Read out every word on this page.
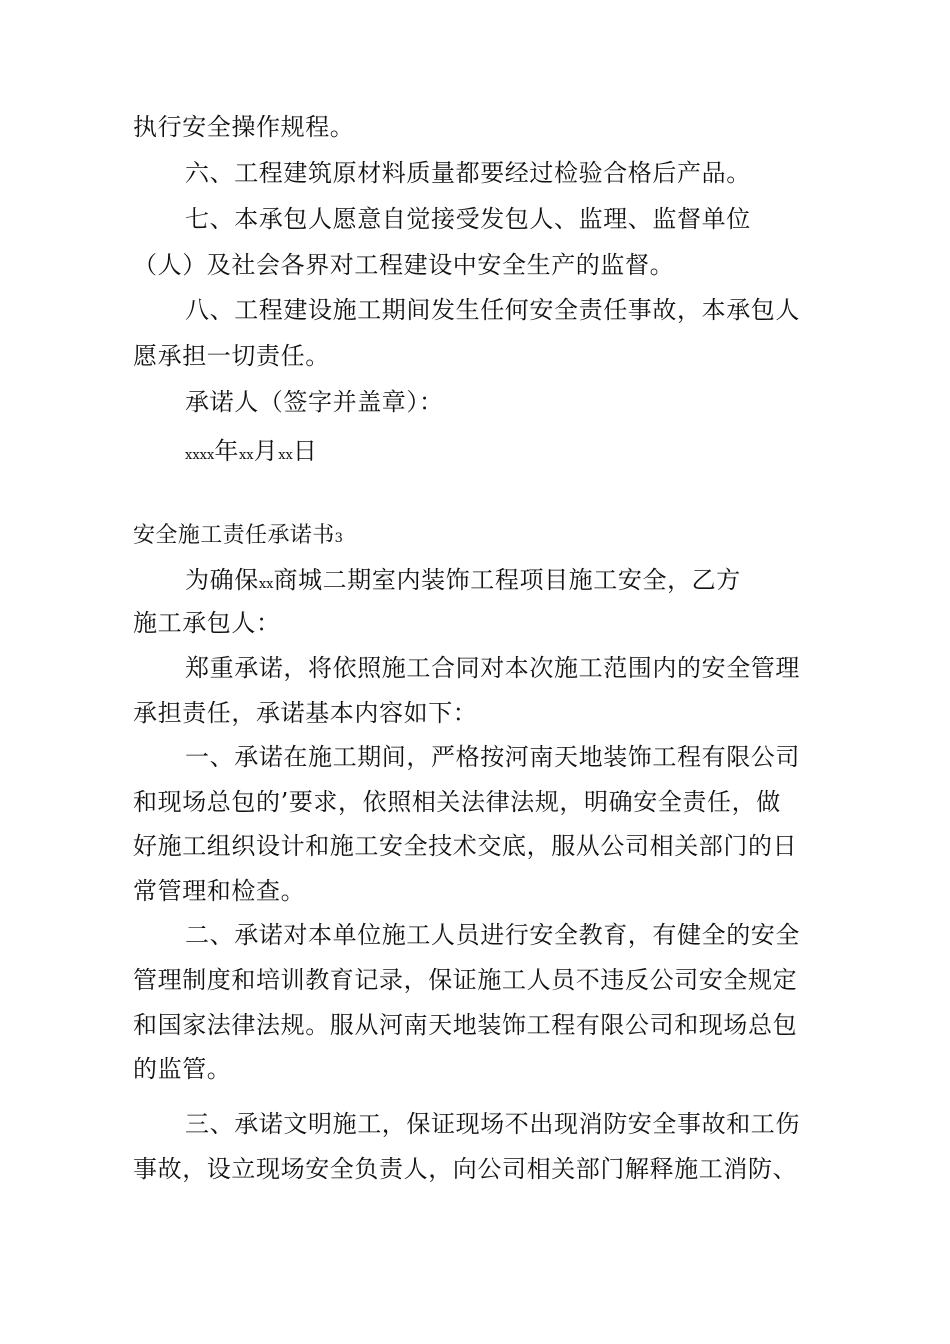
执行安全操作规程。
六、工程建筑原材料质量都要经过检验合格后产品。
七、本承包人愿意自觉接受发包人、监理、监督单位
（人）及社会各界对工程建设中安全生产的监督。
八、工程建设施工期间发生任何安全责任事故，本承包人
愿承担一切责任。
承诺人（签字并盖章）：
xxxx年xx月xx日
安全施工责任承诺书3
为确保xx商城二期室内装饰工程项目施工安全，乙方
施工承包人：
郑重承诺，将依照施工合同对本次施工范围内的安全管理
承担责任，承诺基本内容如下：
一、承诺在施工期间，严格按河南天地装饰工程有限公司
和现场总包的’要求，依照相关法律法规，明确安全责任，做
好施工组织设计和施工安全技术交底，服从公司相关部门的日
常管理和检查。
二、承诺对本单位施工人员进行安全教育，有健全的安全
管理制度和培训教育记录，保证施工人员不违反公司安全规定
和国家法律法规。服从河南天地装饰工程有限公司和现场总包
的监管。
三、承诺文明施工，保证现场不出现消防安全事故和工伤
事故，设立现场安全负责人，向公司相关部门解释施工消防、
